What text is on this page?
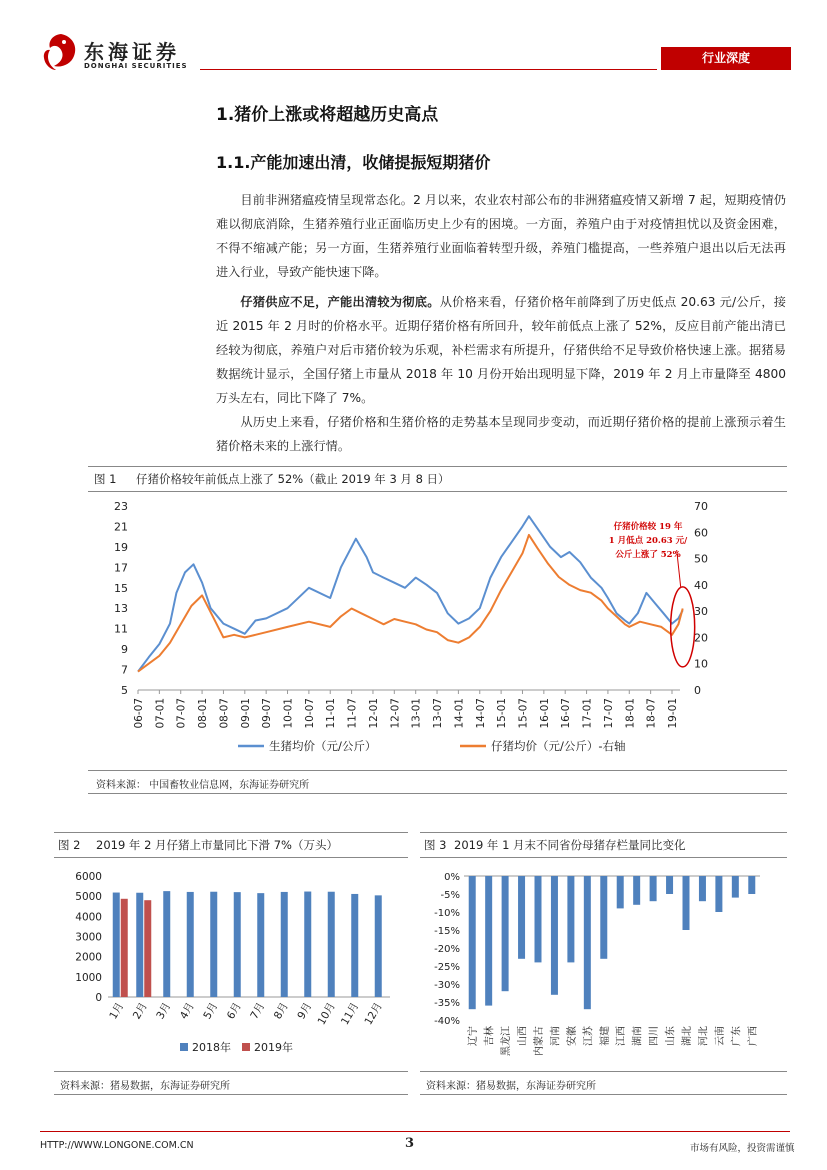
东海证券
DONGHAI SECURITIES
行业深度
1.猪价上涨或将超越历史高点
1.1.产能加速出清，收储提振短期猪价
目前非洲猪瘟疫情呈现常态化。2 月以来，农业农村部公布的非洲猪瘟疫情又新增 7 起，短期疫情仍难以彻底消除，生猪养殖行业正面临历史上少有的困境。一方面，养殖户由于对疫情担忧以及资金困难，不得不缩减产能；另一方面，生猪养殖行业面临着转型升级，养殖门槛提高，一些养殖户退出以后无法再进入行业，导致产能快速下降。
仔猪供应不足，产能出清较为彻底。从价格来看，仔猪价格年前降到了历史低点 20.63 元/公斤，接近 2015 年 2 月时的价格水平。近期仔猪价格有所回升，较年前低点上涨了 52%，反应目前产能出清已经较为彻底，养殖户对后市猪价较为乐观，补栏需求有所提升，仔猪供给不足导致价格快速上涨。据猪易数据统计显示，全国仔猪上市量从 2018 年 10 月份开始出现明显下降，2019 年 2 月上市量降至 4800 万头左右，同比下降了 7%。
从历史上来看，仔猪价格和生猪价格的走势基本呈现同步变动，而近期仔猪价格的提前上涨预示着生猪价格未来的上涨行情。
图 1 仔猪价格较年前低点上涨了 52%（截止 2019 年 3 月 8 日）
23
21
19
17
15
13
11
9
7
5
70
60
50
40
30
20
10
0
06-07 07-01 07-07 08-01 08-07 09-01 09-07 10-01 10-07 11-01 11-07 12-01 12-07 13-01 13-07 14-01 14-07 15-01 15-07 16-01 16-07 17-01 17-07 18-01 18-07 19-01
生猪均价（元/公斤）	仔猪均价（元/公斤）-右轴
仔猪价格较 19 年
1 月低点 20.63 元/
公斤上涨了 52%
资料来源： 中国畜牧业信息网，东海证券研究所
图 2 2019 年 2 月仔猪上市量同比下滑 7%（万头）
6000
5000
4000
3000
2000
1000
0
1月 2月 3月 4月 5月 6月 7月 8月 9月 10月 11月 12月
2018年 2019年
资料来源：猪易数据，东海证券研究所
图 3 2019 年 1 月末不同省份母猪存栏量同比变化
0%
-5%
-10%
-15%
-20%
-25%
-30%
-35%
-40%
辽宁 吉林 黑龙江 山西 内蒙古 河南 安徽 江苏 福建 江西 湖南 四川 山东 湖北 河北 云南 广东 广西
资料来源：猪易数据，东海证券研究所
HTTP://WWW.LONGONE.COM.CN	3	市场有风险，投资需谨慎
